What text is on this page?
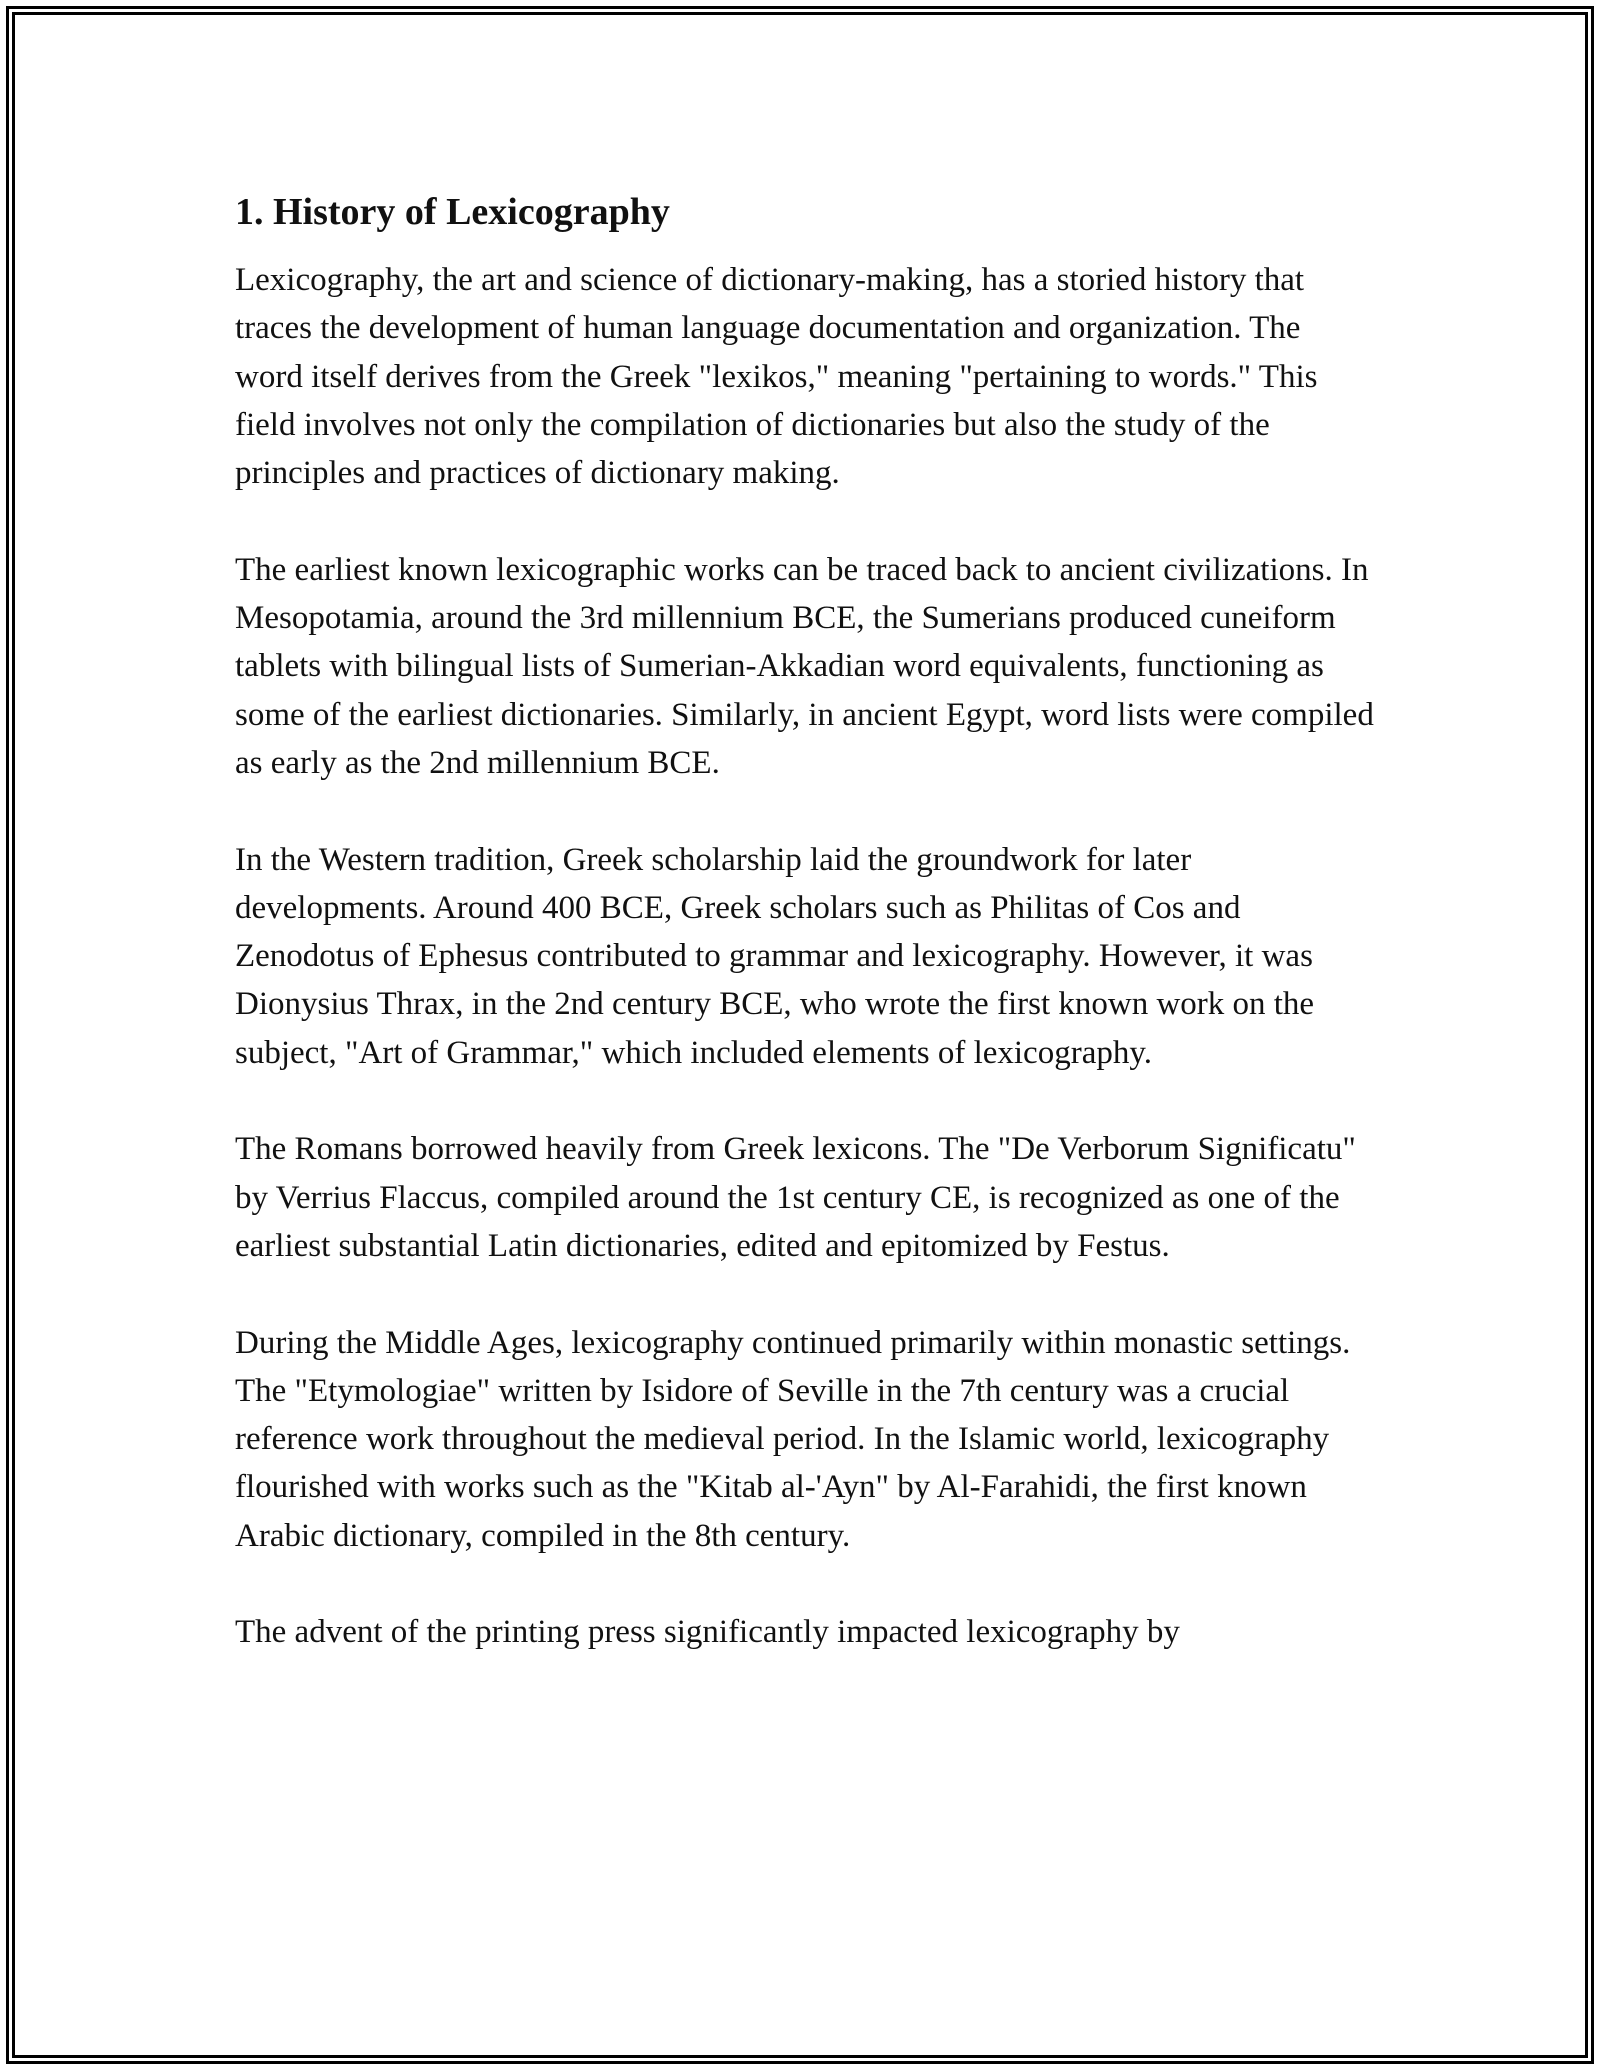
1. History of Lexicography

Lexicography, the art and science of dictionary-making, has a storied history that traces the development of human language documentation and organization. The word itself derives from the Greek "lexikos," meaning "pertaining to words." This field involves not only the compilation of dictionaries but also the study of the principles and practices of dictionary making.

The earliest known lexicographic works can be traced back to ancient civilizations. In Mesopotamia, around the 3rd millennium BCE, the Sumerians produced cuneiform tablets with bilingual lists of Sumerian-Akkadian word equivalents, functioning as some of the earliest dictionaries. Similarly, in ancient Egypt, word lists were compiled as early as the 2nd millennium BCE.

In the Western tradition, Greek scholarship laid the groundwork for later developments. Around 400 BCE, Greek scholars such as Philitas of Cos and Zenodotus of Ephesus contributed to grammar and lexicography. However, it was Dionysius Thrax, in the 2nd century BCE, who wrote the first known work on the subject, "Art of Grammar," which included elements of lexicography.

The Romans borrowed heavily from Greek lexicons. The "De Verborum Significatu" by Verrius Flaccus, compiled around the 1st century CE, is recognized as one of the earliest substantial Latin dictionaries, edited and epitomized by Festus.

During the Middle Ages, lexicography continued primarily within monastic settings. The "Etymologiae" written by Isidore of Seville in the 7th century was a crucial reference work throughout the medieval period. In the Islamic world, lexicography flourished with works such as the "Kitab al-'Ayn" by Al-Farahidi, the first known Arabic dictionary, compiled in the 8th century.

The advent of the printing press significantly impacted lexicography by
